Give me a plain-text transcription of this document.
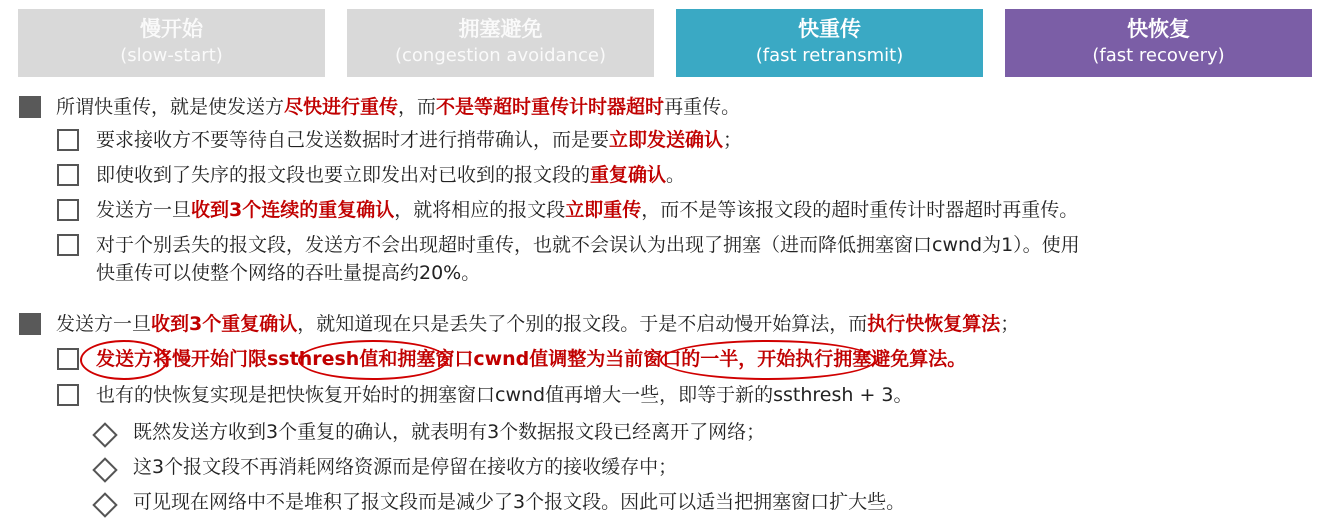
慢开始
(slow-start)
拥塞避免
(congestion avoidance)
快重传
(fast retransmit)
快恢复
(fast recovery)
所谓快重传，就是使发送方尽快进行重传，而不是等超时重传计时器超时再重传。
要求接收方不要等待自己发送数据时才进行捎带确认，而是要立即发送确认；
即使收到了失序的报文段也要立即发出对已收到的报文段的重复确认。
发送方一旦收到3个连续的重复确认，就将相应的报文段立即重传，而不是等该报文段的超时重传计时器超时再重传。
对于个别丢失的报文段，发送方不会出现超时重传，也就不会误认为出现了拥塞（进而降低拥塞窗口cwnd为1）。使用
快重传可以使整个网络的吞吐量提高约20%。
发送方一旦收到3个重复确认，就知道现在只是丢失了个别的报文段。于是不启动慢开始算法，而执行快恢复算法；
发送方将慢开始门限ssthresh值和拥塞窗口cwnd值调整为当前窗口的一半，开始执行拥塞避免算法。
也有的快恢复实现是把快恢复开始时的拥塞窗口cwnd值再增大一些，即等于新的ssthresh + 3。
既然发送方收到3个重复的确认，就表明有3个数据报文段已经离开了网络；
这3个报文段不再消耗网络资源而是停留在接收方的接收缓存中；
可见现在网络中不是堆积了报文段而是减少了3个报文段。因此可以适当把拥塞窗口扩大些。
